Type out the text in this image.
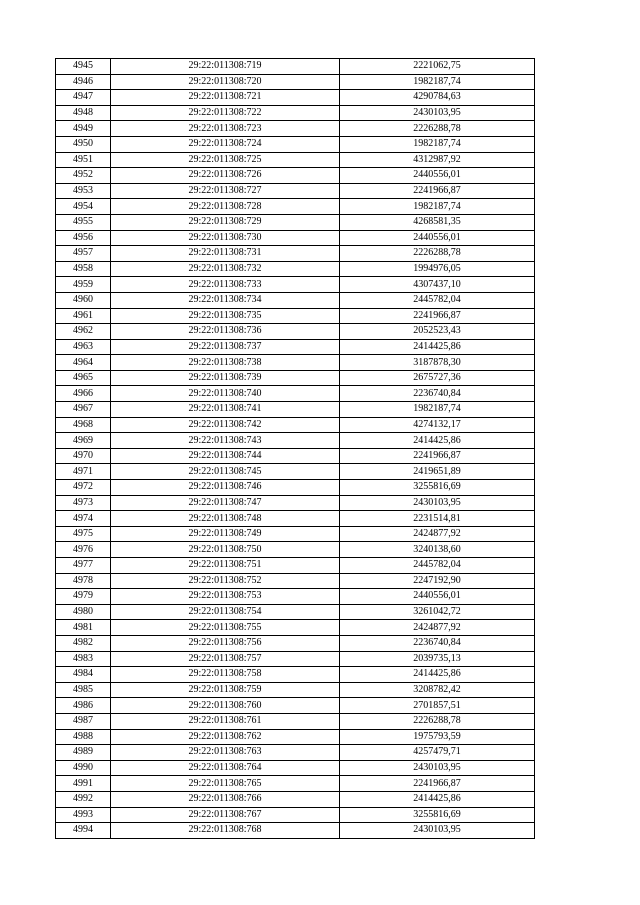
4945	29:22:011308:719	2221062,75
4946	29:22:011308:720	1982187,74
4947	29:22:011308:721	4290784,63
4948	29:22:011308:722	2430103,95
4949	29:22:011308:723	2226288,78
4950	29:22:011308:724	1982187,74
4951	29:22:011308:725	4312987,92
4952	29:22:011308:726	2440556,01
4953	29:22:011308:727	2241966,87
4954	29:22:011308:728	1982187,74
4955	29:22:011308:729	4268581,35
4956	29:22:011308:730	2440556,01
4957	29:22:011308:731	2226288,78
4958	29:22:011308:732	1994976,05
4959	29:22:011308:733	4307437,10
4960	29:22:011308:734	2445782,04
4961	29:22:011308:735	2241966,87
4962	29:22:011308:736	2052523,43
4963	29:22:011308:737	2414425,86
4964	29:22:011308:738	3187878,30
4965	29:22:011308:739	2675727,36
4966	29:22:011308:740	2236740,84
4967	29:22:011308:741	1982187,74
4968	29:22:011308:742	4274132,17
4969	29:22:011308:743	2414425,86
4970	29:22:011308:744	2241966,87
4971	29:22:011308:745	2419651,89
4972	29:22:011308:746	3255816,69
4973	29:22:011308:747	2430103,95
4974	29:22:011308:748	2231514,81
4975	29:22:011308:749	2424877,92
4976	29:22:011308:750	3240138,60
4977	29:22:011308:751	2445782,04
4978	29:22:011308:752	2247192,90
4979	29:22:011308:753	2440556,01
4980	29:22:011308:754	3261042,72
4981	29:22:011308:755	2424877,92
4982	29:22:011308:756	2236740,84
4983	29:22:011308:757	2039735,13
4984	29:22:011308:758	2414425,86
4985	29:22:011308:759	3208782,42
4986	29:22:011308:760	2701857,51
4987	29:22:011308:761	2226288,78
4988	29:22:011308:762	1975793,59
4989	29:22:011308:763	4257479,71
4990	29:22:011308:764	2430103,95
4991	29:22:011308:765	2241966,87
4992	29:22:011308:766	2414425,86
4993	29:22:011308:767	3255816,69
4994	29:22:011308:768	2430103,95
